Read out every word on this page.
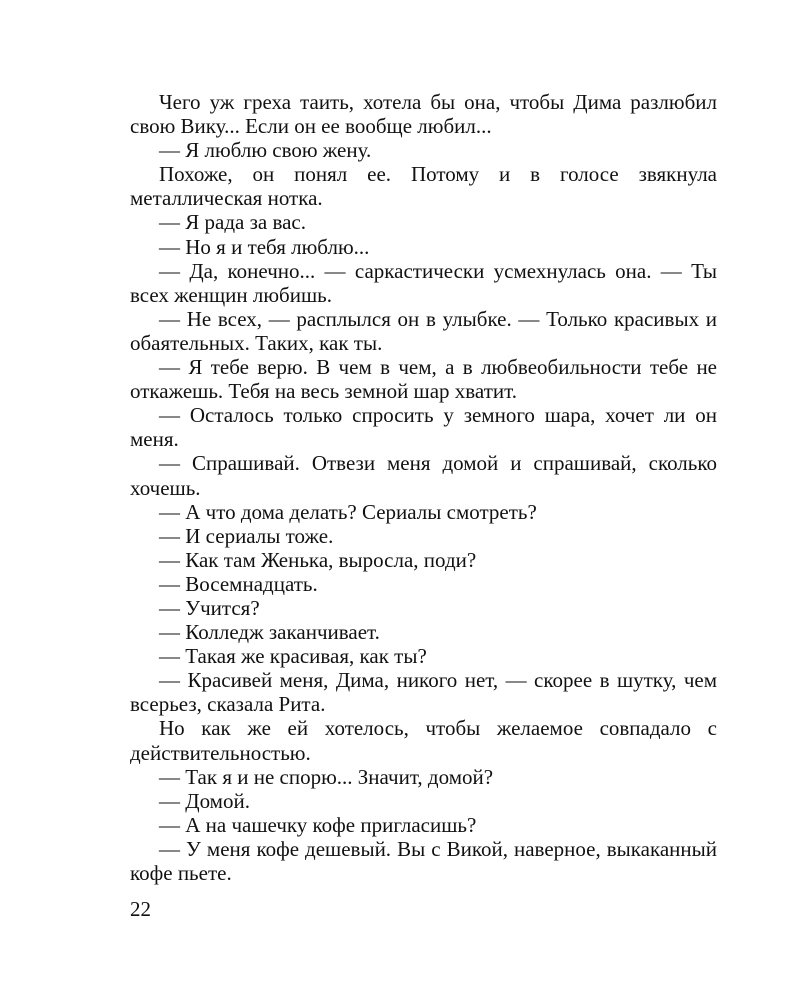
Чего уж греха таить, хотела бы она, чтобы Дима разлюбил свою Вику... Если он ее вообще любил...

— Я люблю свою жену.

Похоже, он понял ее. Потому и в голосе звякнула металлическая нотка.

— Я рада за вас.

— Но я и тебя люблю...

— Да, конечно... — саркастически усмехнулась она. — Ты всех женщин любишь.

— Не всех, — расплылся он в улыбке. — Только красивых и обаятельных. Таких, как ты.

— Я тебе верю. В чем в чем, а в любвеобильности тебе не откажешь. Тебя на весь земной шар хватит.

— Осталось только спросить у земного шара, хочет ли он меня.

— Спрашивай. Отвези меня домой и спрашивай, сколько хочешь.

— А что дома делать? Сериалы смотреть?

— И сериалы тоже.

— Как там Женька, выросла, поди?

— Восемнадцать.

— Учится?

— Колледж заканчивает.

— Такая же красивая, как ты?

— Красивей меня, Дима, никого нет, — скорее в шутку, чем всерьез, сказала Рита.

Но как же ей хотелось, чтобы желаемое совпадало с действительностью.

— Так я и не спорю... Значит, домой?

— Домой.

— А на чашечку кофе пригласишь?

— У меня кофе дешевый. Вы с Викой, наверное, выкаканный кофе пьете.

22
